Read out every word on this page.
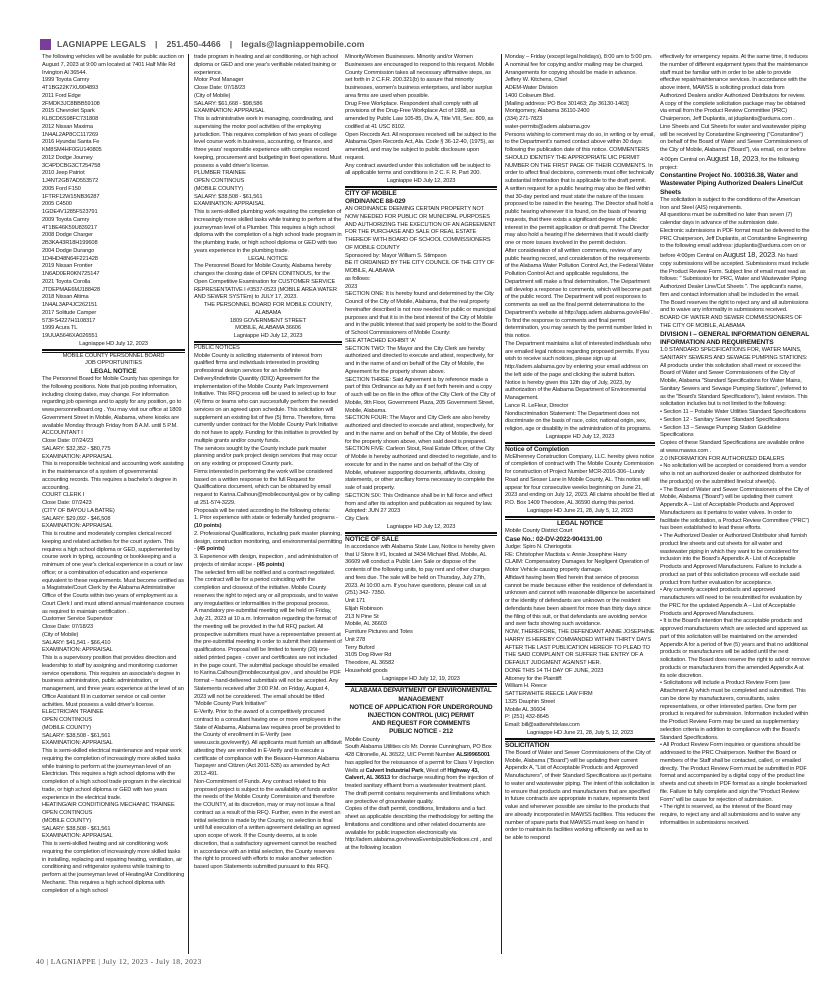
LAGNIAPPE LEGALS | 251.450-4466 | legals@lagniappemobile.com
The following vehicles will be available for public auction on August 7, 2023 at 9:00 am located at 7401 Half Mile Rd Irvington Al 36544.
1999 Toyota Camry
4T1BG22K7XU904893
2011 Ford Edge
2FMDK3JC8BBB59108
2015 Chevrolet Spark
KL8CD6S98FC731808
2012 Nissan Maxima
1N4AL2AP8CC117269
2016 Hyundai Santa Fe
KM8SM4HF0GU140805
2012 Dodge Journey
3C4PDCBG3CT254758
2010 Jeep Patriot
1J4NT2GB7AD553572
2005 Ford F150
1FTRF12W15NB36287
2005 C4500
1GDE4V1285F523791
2009 Toyota Camry
4T1BE46K59U839217
2008 Dodge Charger
2B3KA43R18H199608
2004 Dodge Durango
1D4HD48N64F221428
2019 Nissan Frontier
1N6AD0ER0KN725147
2021 Toyota Corolla
JTDEPMAE6MJ188428
2018 Nissan Altima
1N4AL3AP4JC262151
2017 Solitude Camper
573FS4227H1108317
1999 Acura TL
19UUA5646XA026551
Lagniappe HD July 12, 2023
MOBILE COUNTY PERSONNEL BOARD
JOB OPPORTUNITIES
LEGAL NOTICE
The Personnel Board for Mobile County has openings for the following positions. Note that job posting information, including closing dates, may change. For information regarding job openings and to apply for any position, go to www.personnelboard.org . You may visit our office at 1809 Government Street in Mobile, Alabama, where kiosks are available Monday through Friday from 8 A.M. until 5 P.M.
ACCOUNTANT I
Close Date: 07/24/23
SALARY: $32,352 - $80,775
EXAMINATION: APPRAISAL
This is responsible technical and accounting work assisting in the maintenance of a system of governmental accounting records. This requires a bachelor's degree in accounting.
COURT CLERK I
Close Date: 07/2423
(CITY OF BAYOU LA BATRE)
SALARY: $29,092 - $46,508
EXAMINATION: APPRAISAL
This is routine and moderately complex clerical record keeping and related activities for the court system. This requires a high school diploma or GED, supplemented by course work in typing, accounting or bookkeeping and a minimum of one year's clerical experience in a court or law office; or a combination of education and experience equivalent to these requirements. Must become certified as a Magistrate/Court Clerk by the Alabama Administrative Office of the Courts within two years of employment as a Court Clerk I and must attend annual maintenance courses as required to maintain certification .
Customer Service Supervisor
Close Date: 07/18/23
(City of Mobile)
SALARY: $41,541 - $66,410
EXAMINATION: APPRAISAL
This is a supervisory position that provides direction and leadership to staff by assigning and monitoring customer service operations. This requires an associate's degree in business administration, public administration, or management, and three years experience at the level of an Office Assistant III in customer service or call center activities. Must possess a valid driver's license.
ELECTRICIAN TRAINEE
OPEN CONTINOUS
(MOBILE COUNTY)
SALARY: $38,508 - $61,561
EXAMINATION: APPRAISAL
This is semi-skilled electrical maintenance and repair work requiring the completion of increasingly more skilled tasks while training to perform at the journeyman level of an Electrician. This requires a high school diploma with the completion of a high school trade program in the electrical trade, or high school diploma or GED with two years experience in the electrical trade.
HEATING/AIR CONDITIONING MECHANIC TRAINEE
OPEN CONTINOUS
(MOBILE COUNTY)
SALARY: $38,508 - $61,561
EXAMINATION: APPRAISAL
This is semi-skilled heating and air conditioning work requiring the completion of increasingly more skilled tasks in installing, replacing and repairing heating, ventilation, air conditioning and refrigerator systems while training to perform at the journeyman level of Heating/Air Conditioning Mechanic. This requires a high school diploma with completion of a high school
trade program in heating and air conditioning, or high school diploma or GED and one year's verifiable related training or experience.
Motor Pool Manager
Close Date: 07/18/23
(City of Mobile)
SALARY: $61,668 - $98,586
EXAMINATION: APPRAISAL
This is administrative work in managing, coordinating, and supervising the motor pool activities of the employing jurisdiction. This requires completion of two years of college level course work in business, accounting, or finance, and three years' responsible experience with complex record keeping, procurement and budgeting in fleet operations. Must possess a valid driver's license.
PLUMBER TRAINEE
OPEN CONTINOUS
(MOBILE COUNTY)
SALARY: $38,508 - $61,561
EXAMINATION: APPRAISAL
This is semi-skilled plumbing work requiring the completion of increasingly more skilled tasks while training to perform at the journeyman level of a Plumber. This requires a high school diploma with the completion of a high school trade program in the plumbing trade, or high school diploma or GED with two years experience in the plumbing trade.
LEGAL NOTICE
The Personnel Board for Mobile County, Alabama hereby changes the closing date of OPEN CONITNOUS, for the Open Competitive Examination for CUSTOMER SERVICE REPRESENTATIVE I #3537-0523 (MOBILE AREA WATER AND SEWER SYSTEm) to JULY 17, 2023.
THE PERSONNEL BOARD FOR MOBILE COUNTY, ALABAMA
1809 GOVERNMENT STREET
MOBILE, ALABAMA 36606
Lagniappe HD July 12, 2023
PUBLIC NOTICES
Mobile County is soliciting statements of interest from qualified firms and individuals interested in providing professional design services for an Indefinite Delivery/Indefinite Quantity (IDIQ) Agreement for the implementation of the Mobile County Park Improvement Initiative. This RFQ process will be used to select up to four (4) firms or teams who can successfully perform the needed services on an agreed upon schedule. This solicitation will supplement an existing list of five (5) firms. Therefore, firms currently under contract for the Mobile County Park Initiative do not have to apply. Funding for this initiative is provided by multiple grants and/or county funds.
The services sought by the County include park master planning and/or park project design services that may occur on any existing or proposed County park.
Firms interested in performing the work will be considered based on a written response to the full Request for Qualifications document, which can be obtained by email request to Karina.Calhoun@mobilecountyal.gov or by calling at 251-574-3229.
Proposals will be rated according to the following criteria:
1. Prior experience with state or federally funded programs - (10 points)
2. Professional Qualifications, including park master planning, design, construction monitoring, and environmental permitting - (45 points)
3. Experience with design, inspection , and administration of projects of similar scope - (45 points)
The selected firm will be notified and a contract negotiated. The contract will be for a period coinciding with the completion and closeout of the initiative. Mobile County reserves the right to reject any or all proposals, and to waive any irregularities or informalities in the proposal process.
A mandatory pre-submittal meeting will be held on Friday, July 21, 2023 at 10 a.m. Information regarding the format of the meeting will be provided in the full RFQ packet. All prospective submitters must have a representative present at the pre-submittal meeting in order to submit their statement of qualifications. Proposal will be limited to twenty (20) one-sided printed pages - cover and certificates are not included in the page count. The submittal package should be emailed to Karina.Calhoun@mobilecountyal.gov , and should be PDF format – hand-delivered submittals will not be accepted. Any Statements received after 3:00 P.M. on Friday, August 4, 2023 will not be considered. The email should be titled "Mobile County Park Initiative"
E-Verify. Prior to the award of a competitively procured contract to a consultant having one or more employees in the State of Alabama, Alabama law requires proof be provided to the County of enrollment in E-Verify (see www.uscis.gov/everify). All applicants must furnish an affidavit attesting they are enrolled in E-Verify and to execute a certificate of compliance with the Beason-Hammon Alabama Taxpayer and Citizen (Act 2011-535) as amended by Act 2012-491.
Non-Commitment of Funds. Any contract related to this proposed project is subject to the availability of funds and/or the needs of the Mobile County Commission and therefore the COUNTY, at its discretion, may or may not issue a final contract as a result of this RFQ. Further, even in the event an initial selection is made by the County, no selection is final until full execution of a written agreement detailing an agreed upon scope of work. If the County deems, at is sole discretion, that a satisfactory agreement cannot be reached in accordance with an initial selection, the County reserves the right to proceed with efforts to make another selection based upon Statements submitted pursuant to this RFQ.
Minority/Women Businesses. Minority and/or Women Businesses are encouraged to respond to this request. Mobile County Commission takes all necessary affirmative steps, as set forth in 2 C.F.R. 200.321(b) to assure that minority businesses, women's business enterprises, and labor surplus area firms are used when possible.
Drug Free Workplace. Respondent shall comply with all provisions of the Drug-Free Workplace Act of 1988, as amended by Public Law 105-85, Div. A, Title VIII, Sec. 809, as codified at 41 USC 8102.
Open Records Act. All responses received will be subject to the Alabama Open Records Act, Ala. Code § 36-12-40, (1975), as amended, and may be subject to public disclosure upon request.
Any contract awarded under this solicitation will be subject to all applicable terms and conditions in 2 C. F. R. Part 200.
Lagniappe HD July 12, 2023
CITY OF MOBILE
ORDINANCE 88-029
AN ORDINANCE DEEMING CERTAIN PROPERTY NOT NOW NEEDED FOR PUBLIC OR MUNICIPAL PURPOSES AND AUTHORIZING THE EXECUTION OF AN AGREEMENT FOR THE PURCHASE AND SALE OF REAL ESTATE THEREOF WITH BOARD OF SCHOOL COMMISSIONERS OF MOBILE COUNTY
Sponsored by: Mayor William S. Stimpson
BE IT ORDAINED BY THE CITY COUNCIL OF THE CITY OF MOBILE, ALABAMA
as follows:
2023
SECTION ONE: It is hereby found and determined by the City Council of the City of Mobile, Alabama, that the real property hereinafter described is not now needed for public or municipal purposes and that it is in the best interest of the City of Mobile and in the public interest that said property be sold to the Board of School Commissioners of Mobile County:
SEE ATTACHED EXHIBIT 'A'
SECTION TWO: The Mayor and the City Clerk are hereby authorized and directed to execute and attest, respectively, for and in the name of and on behalf of the City of Mobile, the Agreement for the property shown above.
SECTION THREE: Said Agreement is by reference made a part of this Ordinance as fully as if set forth herein and a copy of such will be on file in the office of the City Clerk of the City of Mobile, 9th Floor, Government Plaza, 205 Government Street, Mobile, Alabama.
SECTION FOUR: The Mayor and City Clerk are also hereby authorized and directed to execute and attest, respectively, for and in the name and on behalf of the City of Mobile, the deed for the property shown above, when said deed is prepared.
SECTION FIVE: Carleon Stout, Real Estate Officer, of the City of Mobile is hereby authorized and directed to negotiate, and to execute for and in the name and on behalf of the City of Mobile, whatever supporting documents, affidavits, closing statements, or other ancillary forms necessary to complete the sale of said property.
SECTION SIX: This Ordinance shall be in full force and effect from and after its adoption and publication as required by law.
Adopted: JUN 27 2023
City Clerk
Lagniappe HD July 12, 2023
NOTICE OF SALE
In accordance with Alabama State Law, Notice is hereby given that U Store It #1, located at 3434 Michael Blvd. Mobile, AL 36609 will conduct a Public Lien Sale or dispose of the contents of the following units, to pay rent and other charges and fees due. The sale will be held on Thursday, July 27th, 2023. At 10:00 a.m. If you have questions, please call us at (251) 342- 7350.
Unit 171
Elijah Robinson
213 N Pine St
Mobile, AL 36603
Furniture Pictures and Totes
Unit 278
Terry Buford
3105 Dog River Rd
Theodore, AL 36582
Household goods
Lagniappe HD July 12, 19, 2023
ALABAMA DEPARTMENT OF ENVIRONMENTAL MANAGEMENT
NOTICE OF APPLICATION FOR UNDERGROUND INJECTION CONTROL (UIC) PERMIT
AND REQUEST FOR COMMENTS
PUBLIC NOTICE - 212
Mobile County
South Alabama Utilities c/o Mr. Donnie Cunningham, PO Box 428 Citronelle, AL 36522, UIC Permit Number ALSI9965001 has applied for the reissuance of a permit for Class V Injection Wells at Calvert Industrial Park, West off Highway 43, Calvert, AL 36513 for discharge resulting from the injection of treated sanitary effluent from a wastewater treatment plant.
The draft permit contains requirements and limitations which are protective of groundwater quality.
Copies of the draft permit, conditions, limitations and a fact sheet as applicable describing the methodology for setting the limitations and conditions and other related documents are available for public inspection electronically via http://adem.alabama.gov/newsEvents/publicNotices.cnt , and at the following location
Monday – Friday (except legal holidays), 8:00 am to 5:00 pm. A nominal fee for copying and/or mailing may be charged. Arrangements for copying should be made in advance.
Jeffery W. Kitchens, Chief
ADEM-Water Division
1400 Coliseum Blvd.
[Mailing address: PO Box 301463; Zip 36130-1463]
Montgomery, Alabama 36110-2400
(334) 271-7823
water-permits@adem.alabama.gov
Persons wishing to comment may do so, in writing or by email, to the Department's named contact above within 30 days following the publication date of this notice. COMMENTERS SHOULD IDENTIFY THE APPROPRIATE UIC PERMIT NUMBER ON THE FIRST PAGE OF THEIR COMMENTS. In order to affect final decisions, comments must offer technically substantial information that is applicable to the draft permit.
A written request for a public hearing may also be filed within that 30-day period and must state the nature of the issues proposed to be raised in the hearing. The Director shall hold a public hearing whenever it is found, on the basis of hearing requests, that there exists a significant degree of public interest in the permit application or draft permit. The Director may also hold a hearing if he determines that it would clarify one or more issues involved in the permit decision.
After consideration of all written comments, review of any public hearing record, and consideration of the requirements of the Alabama Water Pollution Control Act, the Federal Water Pollution Control Act and applicable regulations, the Department will make a final determination. The Department will develop a response to comments, which will become part of the public record. The Department will post responses to comments as well as the final permit determinations to the Department's website at http://app.adem.alabama.gov/eFile/ . To find the response to comments and final permit determination, you may search by the permit number listed in this notice.
The Department maintains a list of interested individuals who are emailed legal notices regarding proposed permits. If you wish to receive such notices, please sign up at http://adem.alabama.gov by entering your email address on the left side of the page and clicking the submit button.
Notice is hereby given this 12th day of July, 2023, by authorization of the Alabama Department of Environmental Management.
Lance R. LeFleur, Director
Nondiscrimination Statement: The Department does not discriminate on the basis of race, color, national origin, sex, religion, age or disability in the administration of its programs.
Lagniappe HD July 12, 2023
Notice of Completion
McElhenney Construction Company, LLC. hereby gives notice of completion of contract with The Mobile County Commission for construction of Project Number MCR-2016-306--Lundy Road and Sesser Lane in Mobile County, AL. This notice will appear for four consecutive weeks beginning on June 21, 2023 and ending on July 12, 2023. All claims should be filed at P.O. Box 1409 Theodore, AL 36590 during this period.
Lagniappe HD June 21, 28, July 5, 12, 2023
LEGAL NOTICE
Mobile County District Court
Case No.: 02-DV-2022-904131.00
Judge: Spiro N. Cheriogotis
RE: Christopher Mactista v. Annie Josephine Harry
CLAIM: Compensatory Damages for Negligent Operation of Motor Vehicle causing property damage.
Affidavit having been filed herein that service of process cannot be made because either the residence of defendant is unknown and cannot with reasonable diligence be ascertained or the identity of defendants are unknown or the resident defendants have been absent for more than thirty days since the filing of this suit, or that defendants are avoiding service and aver facts showing such avoidance.
NOW, THEREFORE, THE DEFENDANT ANNIE JOSEPHINE HARRY IS HEREBY COMMANDED WITHIN THIRTY DAYS AFTER THE LAST PUBLICATION HEREOF TO PLEAD TO THE SAID COMPLAINT OR SUFFER THE ENTRY OF A DEFAULT JUDGMENT AGAINST HER.
DONE THIS 14 TH DAY OF JUNE, 2023
Attorney for the Plaintiff:
William H. Reece
SATTERWHITE REECE LAW FIRM
1325 Dauphin Street
Mobile AL 36604
P: (251) 432-8645
Email: bill@satterwhitelaw.com
Lagniappe HD June 21, 28, July 5, 12, 2023
SOLICITATION
The Board of Water and Sewer Commissioners of the City of Mobile, Alabama ("Board") will be updating their current Appendix A, "List of Acceptable Products and Approved Manufacturers", of their Standard Specifications as it pertains to water and wastewater piping. The intent of this solicitation is to ensure that products and manufacturers that are specified in future contracts are appropriate in nature, represents best value and whenever possible are similar to the products that are already incorporated in MAWSS facilities. This reduces the number of spare parts that MAWSS must keep on hand in order to maintain its facilities working efficiently as well as to be able to respond
effectively for emergency repairs. At the same time, it reduces the number of different equipment types that the maintenance staff must be familiar with in order to be able to provide effective repair/maintenance services. In accordance with the above intent, MAWSS is soliciting product data from Authorized Dealers and/or Authorized Distributors for review.
A copy of the complete solicitation package may be obtained via email from the Product Review Committee (PRC) Chairperson, Jeff Duplantis, at jduplantis@ardurra.com .
Line Sheets and Cut Sheets for water and wastewater piping will be received by Constantine Engineering ("Constantine") on behalf of the Board of Water and Sewer Commissioners of the City of Mobile, Alabama ("Board"), via email, on or before 4:00pm Central on August 18, 2023, for the following project:
Constantine Project No. 100316.38, Water and Wastewater Piping Authorized Dealers Line/Cut Sheets
The solicitation is subject to the conditions of the American Iron and Steel (AIS) requirements.
All questions must be submitted no later than seven (7) calendar days in advance of the submission date.
Electronic submissions in PDF format must be delivered to the PRC Chairperson, Jeff Duplantis, at Constantine Engineering to the following email address: jduplantis@ardurra.com on or before 4:00pm Central on August 18, 2023. No hard copy submissions will be accepted. Submissions must include the Product Review Form. Subject line of email must read as follows: " Submission for PRC, Water and Wastewater Piping Authorized Dealer Line/Cut Sheets ". The applicant's name, firm and contact information shall be included in the email.
The Board reserves the right to reject any and all submissions and to waive any informality in submissions received.
BOARD OF WATER AND SEWER COMMISSIONERS OF THE CITY OF MOBILE, ALABAMA
DIVISION I – GENERAL INFORMATION GENERAL INFORMATION AND REQUIREMENTS
1.0 STANDARD SPECIFICATIONS FOR, WATER MAINS, SANITARY SEWERS AND SEWAGE PUMPING STATIONS:
All products under this solicitation shall meet or exceed the Board of Water and Sewer Commissioners of the City of Mobile, Alabama "Standard Specifications for Water Mains, Sanitary Sewers and Sewage Pumping Stations", (referred to as the "Board's Standard Specifications"), latest revision. This solicitation includes but is not limited to the following:
• Section 11 – Potable Water Utilities Standard Specifications
• Section 12 - Sanitary Sewer Standard Specifications
• Section 13 – Sewage Pumping Station Guideline Specifications
Copies of these Standard Specifications are available online at www.mawss.com .
2.0 INFORMATION FOR AUTHORIZED DEALERS
• No solicitation will be accepted or considered from a vendor who is not an authorized dealer or authorized distributor for the product(s) on the submitted line/cut sheet(s).
• The Board of Water and Sewer Commissioners of the City of Mobile, Alabama ("Board") will be updating their current Appendix A – List of Acceptable Products and Approved Manufacturers as it pertains to water valves. In order to facilitate the solicitation, a Product Review Committee ("PRC") has been established to lead these efforts.
• The Authorized Dealer or Authorized Distributor shall furnish product line sheets and cut sheets for all water and wastewater piping in which they want to be considered for inclusion into the Board's Appendix A - List of Acceptable Products and Approved Manufacturers. Failure to include a product as part of this solicitation process will exclude said product from further evaluation for acceptance.
• Any currently accepted products and approved manufacturers will need to be resubmitted for evaluation by the PRC for the updated Appendix A – List of Acceptable Products and Approved Manufacturers.
• It is the Board's intention that the acceptable products and approved manufacturers which are selected and approved as part of this solicitation will be maintained on the amended Appendix A for a period of five (5) years and that no additional products or manufacturers will be added until the next solicitation. The Board does reserve the right to add or remove products or manufacturers from the amended Appendix A at its sole discretion.
• Solicitations will include a Product Review Form (see Attachment A) which must be completed and submitted. This can be done by manufacturers, consultants, sales representatives, or other interested parties. One form per product is required for submission. Information included within the Product Review Form may be used as supplementary selection criteria in addition to compliance with the Board's Standard Specifications.
• All Product Review Form inquiries or questions should be addressed to the PRC Chairperson. Neither the Board or members of the Staff shall be contacted, called, or emailed directly. The Product Review Form must be submitted in PDF format and accompanied by a digital copy of the product line sheets and cut sheets in PDF format as a single bookmarked file. Failure to fully complete and sign the "Product Review Form" will be cause for rejection of submission.
• The right is reserved, as the interest of the Board may require, to reject any and all submissions and to waive any informalities in submissions received.
40 | LAGNIAPPE | July 12, 2023 - July 18, 2023
